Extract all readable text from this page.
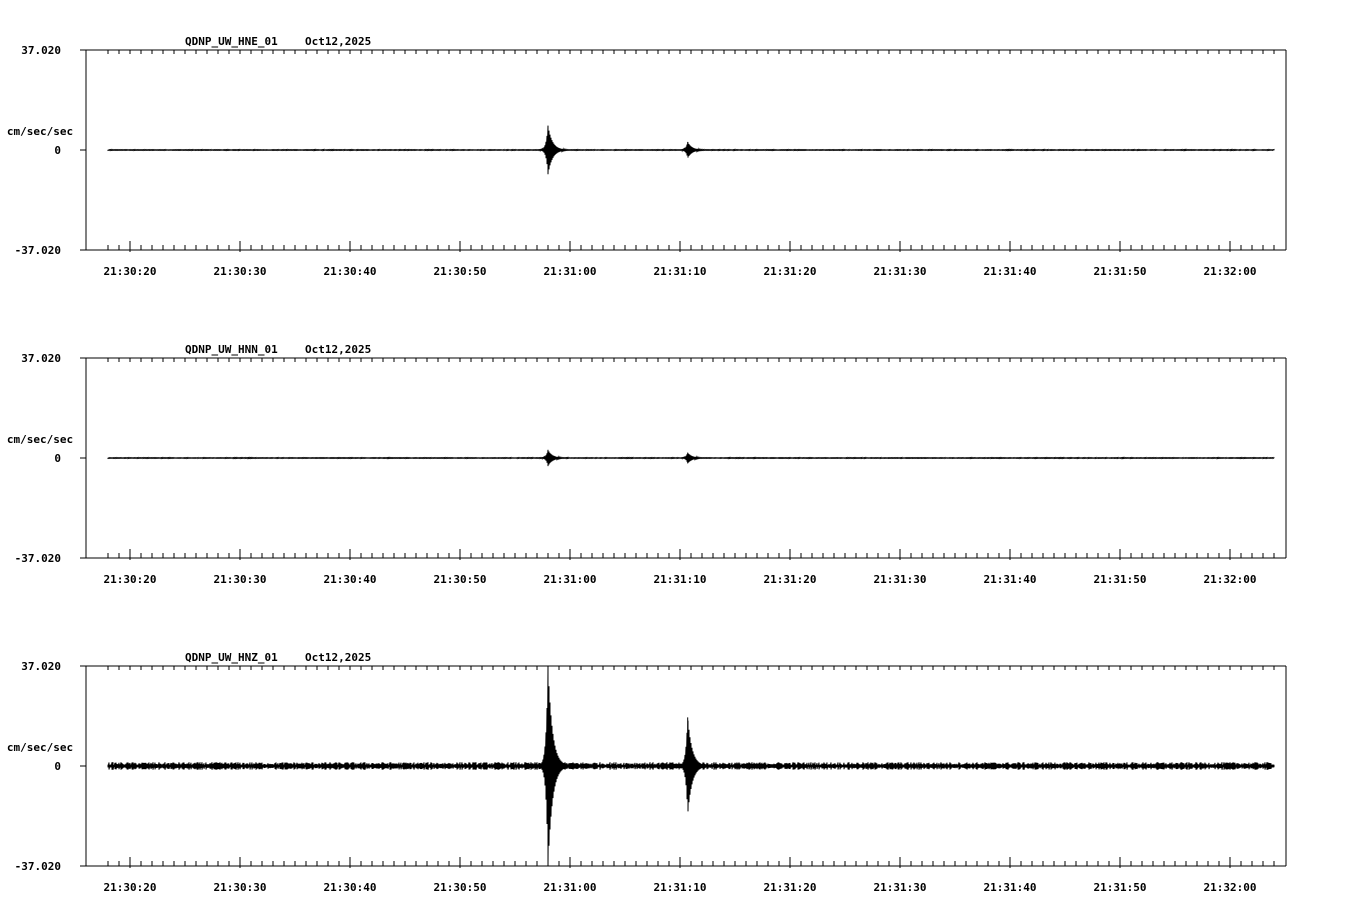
QDNP_UW_HNE_01 Oct12,2025
37.020
0
-37.020
cm/sec/sec
21:30:20	21:30:30	21:30:40	21:30:50	21:31:00	21:31:10	21:31:20	21:31:30	21:31:40	21:31:50	21:32:00
QDNP_UW_HNN_01 Oct12,2025
37.020
0
-37.020
cm/sec/sec
21:30:20	21:30:30	21:30:40	21:30:50	21:31:00	21:31:10	21:31:20	21:31:30	21:31:40	21:31:50	21:32:00
QDNP_UW_HNZ_01 Oct12,2025
37.020
0
-37.020
cm/sec/sec
21:30:20	21:30:30	21:30:40	21:30:50	21:31:00	21:31:10	21:31:20	21:31:30	21:31:40	21:31:50	21:32:00
